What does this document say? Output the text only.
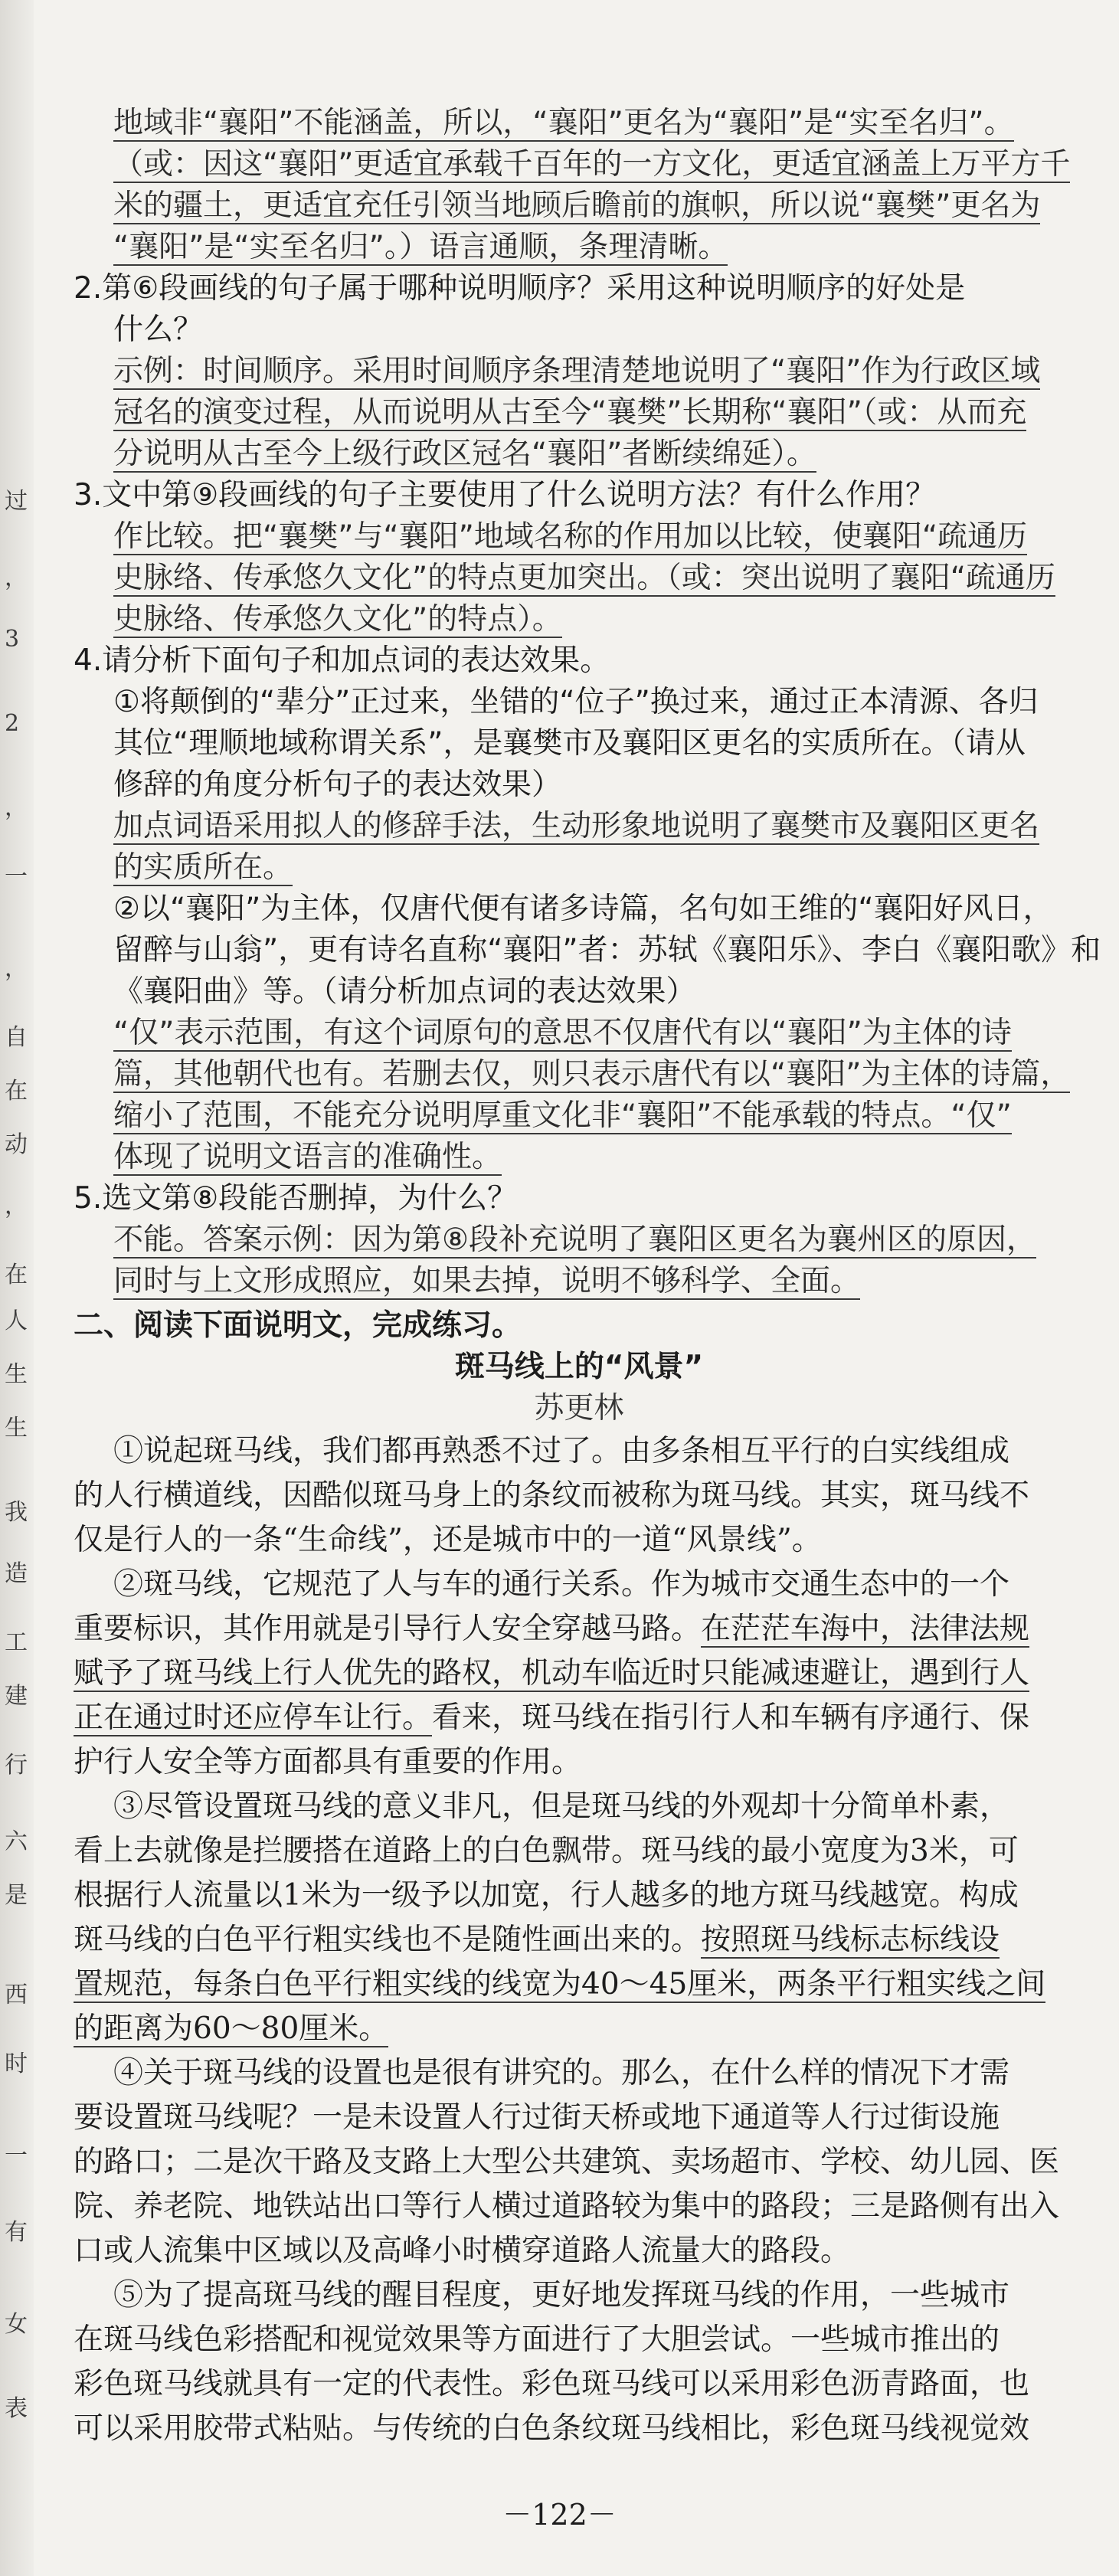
过
，
3
2
，
一
，
自
在
动
，
在
人
生
生
我
造
工
建
行
六
是
西
时
一
有
女
表
地域非“襄阳”不能涵盖，所以，“襄阳”更名为“襄阳”是“实至名归”。
（或：因这“襄阳”更适宜承载千百年的一方文化，更适宜涵盖上万平方千
米的疆土，更适宜充任引领当地顾后瞻前的旗帜，所以说“襄樊”更名为
“襄阳”是“实至名归”。）语言通顺，条理清晰。
2.第⑥段画线的句子属于哪种说明顺序？采用这种说明顺序的好处是
什么？
示例：时间顺序。采用时间顺序条理清楚地说明了“襄阳”作为行政区域
冠名的演变过程，从而说明从古至今“襄樊”长期称“襄阳”（或：从而充
分说明从古至今上级行政区冠名“襄阳”者断续绵延）。
3.文中第⑨段画线的句子主要使用了什么说明方法？有什么作用？
作比较。把“襄樊”与“襄阳”地域名称的作用加以比较，使襄阳“疏通历
史脉络、传承悠久文化”的特点更加突出。（或：突出说明了襄阳“疏通历
史脉络、传承悠久文化”的特点）。
4.请分析下面句子和加点词的表达效果。
①将颠倒的“辈分”正过来，坐错的“位子”换过来，通过正本清源、各归
其位“理顺地域称谓关系”，是襄樊市及襄阳区更名的实质所在。（请从
修辞的角度分析句子的表达效果）
加点词语采用拟人的修辞手法，生动形象地说明了襄樊市及襄阳区更名
的实质所在。
②以“襄阳”为主体，仅唐代便有诸多诗篇，名句如王维的“襄阳好风日，
留醉与山翁”，更有诗名直称“襄阳”者：苏轼《襄阳乐》、李白《襄阳歌》和
《襄阳曲》等。（请分析加点词的表达效果）
“仅”表示范围，有这个词原句的意思不仅唐代有以“襄阳”为主体的诗
篇，其他朝代也有。若删去仅，则只表示唐代有以“襄阳”为主体的诗篇，
缩小了范围，不能充分说明厚重文化非“襄阳”不能承载的特点。“仅”
体现了说明文语言的准确性。
5.选文第⑧段能否删掉，为什么？
不能。答案示例：因为第⑧段补充说明了襄阳区更名为襄州区的原因，
同时与上文形成照应，如果去掉，说明不够科学、全面。
二、阅读下面说明文，完成练习。
斑马线上的“风景”
苏更林
①说起斑马线，我们都再熟悉不过了。由多条相互平行的白实线组成
的人行横道线，因酷似斑马身上的条纹而被称为斑马线。其实，斑马线不
仅是行人的一条“生命线”，还是城市中的一道“风景线”。
②斑马线，它规范了人与车的通行关系。作为城市交通生态中的一个
重要标识，其作用就是引导行人安全穿越马路。在茫茫车海中，法律法规
赋予了斑马线上行人优先的路权，机动车临近时只能减速避让，遇到行人
正在通过时还应停车让行。看来，斑马线在指引行人和车辆有序通行、保
护行人安全等方面都具有重要的作用。
③尽管设置斑马线的意义非凡，但是斑马线的外观却十分简单朴素，
看上去就像是拦腰搭在道路上的白色飘带。斑马线的最小宽度为3米，可
根据行人流量以1米为一级予以加宽，行人越多的地方斑马线越宽。构成
斑马线的白色平行粗实线也不是随性画出来的。按照斑马线标志标线设
置规范，每条白色平行粗实线的线宽为40～45厘米，两条平行粗实线之间
的距离为60～80厘米。
④关于斑马线的设置也是很有讲究的。那么，在什么样的情况下才需
要设置斑马线呢？一是未设置人行过街天桥或地下通道等人行过街设施
的路口；二是次干路及支路上大型公共建筑、卖场超市、学校、幼儿园、医
院、养老院、地铁站出口等行人横过道路较为集中的路段；三是路侧有出入
口或人流集中区域以及高峰小时横穿道路人流量大的路段。
⑤为了提高斑马线的醒目程度，更好地发挥斑马线的作用，一些城市
在斑马线色彩搭配和视觉效果等方面进行了大胆尝试。一些城市推出的
彩色斑马线就具有一定的代表性。彩色斑马线可以采用彩色沥青路面，也
可以采用胶带式粘贴。与传统的白色条纹斑马线相比，彩色斑马线视觉效
－122－
